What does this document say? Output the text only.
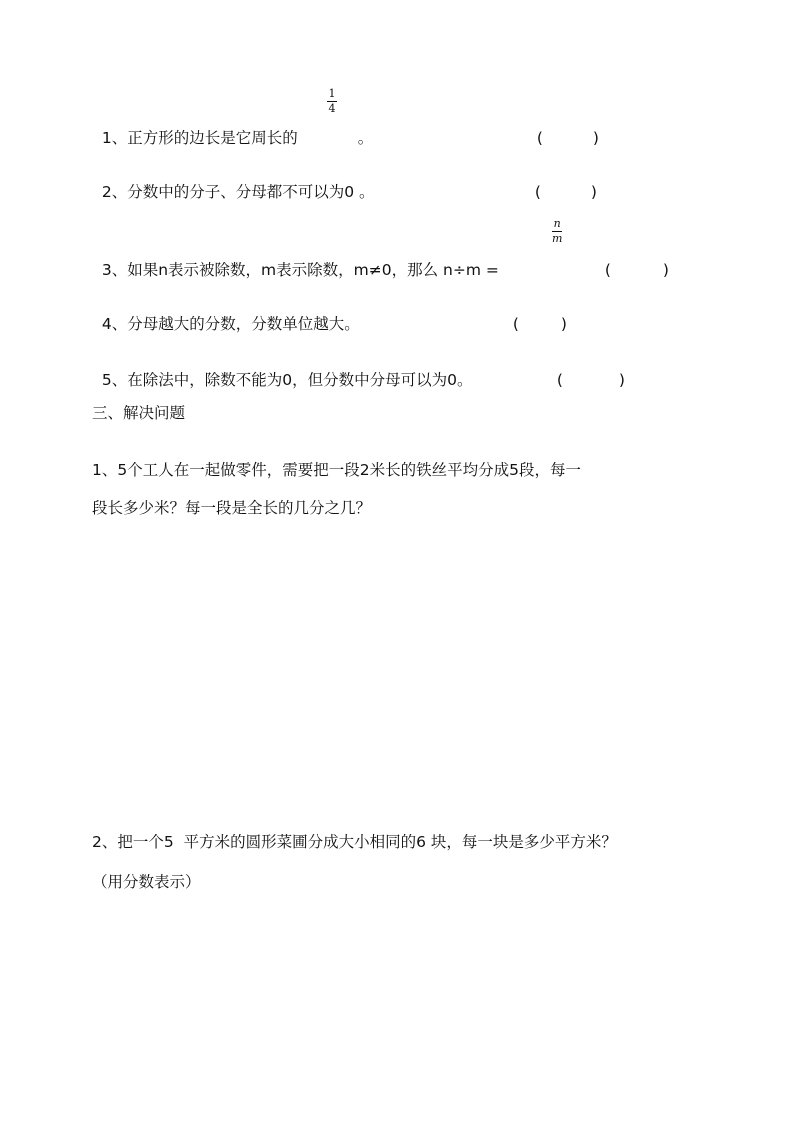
1、正方形的边长是它周长的

1
4

。	(	)

2、分数中的分子、分母都不可以为0 。	(	)

3、如果n表示被除数，m表示除数，m≠0，那么 n÷m =

n
m

(	)

4、分母越大的分数，分数单位越大。	(	)

5、在除法中，除数不能为0，但分数中分母可以为0。	(	)

三、解决问题
1、5个工人在一起做零件，需要把一段2米长的铁丝平均分成5段，每一
段长多少米？每一段是全长的几分之几？
2、把一个5  平方米的圆形菜圃分成大小相同的6 块，每一块是多少平方米？
（用分数表示）
